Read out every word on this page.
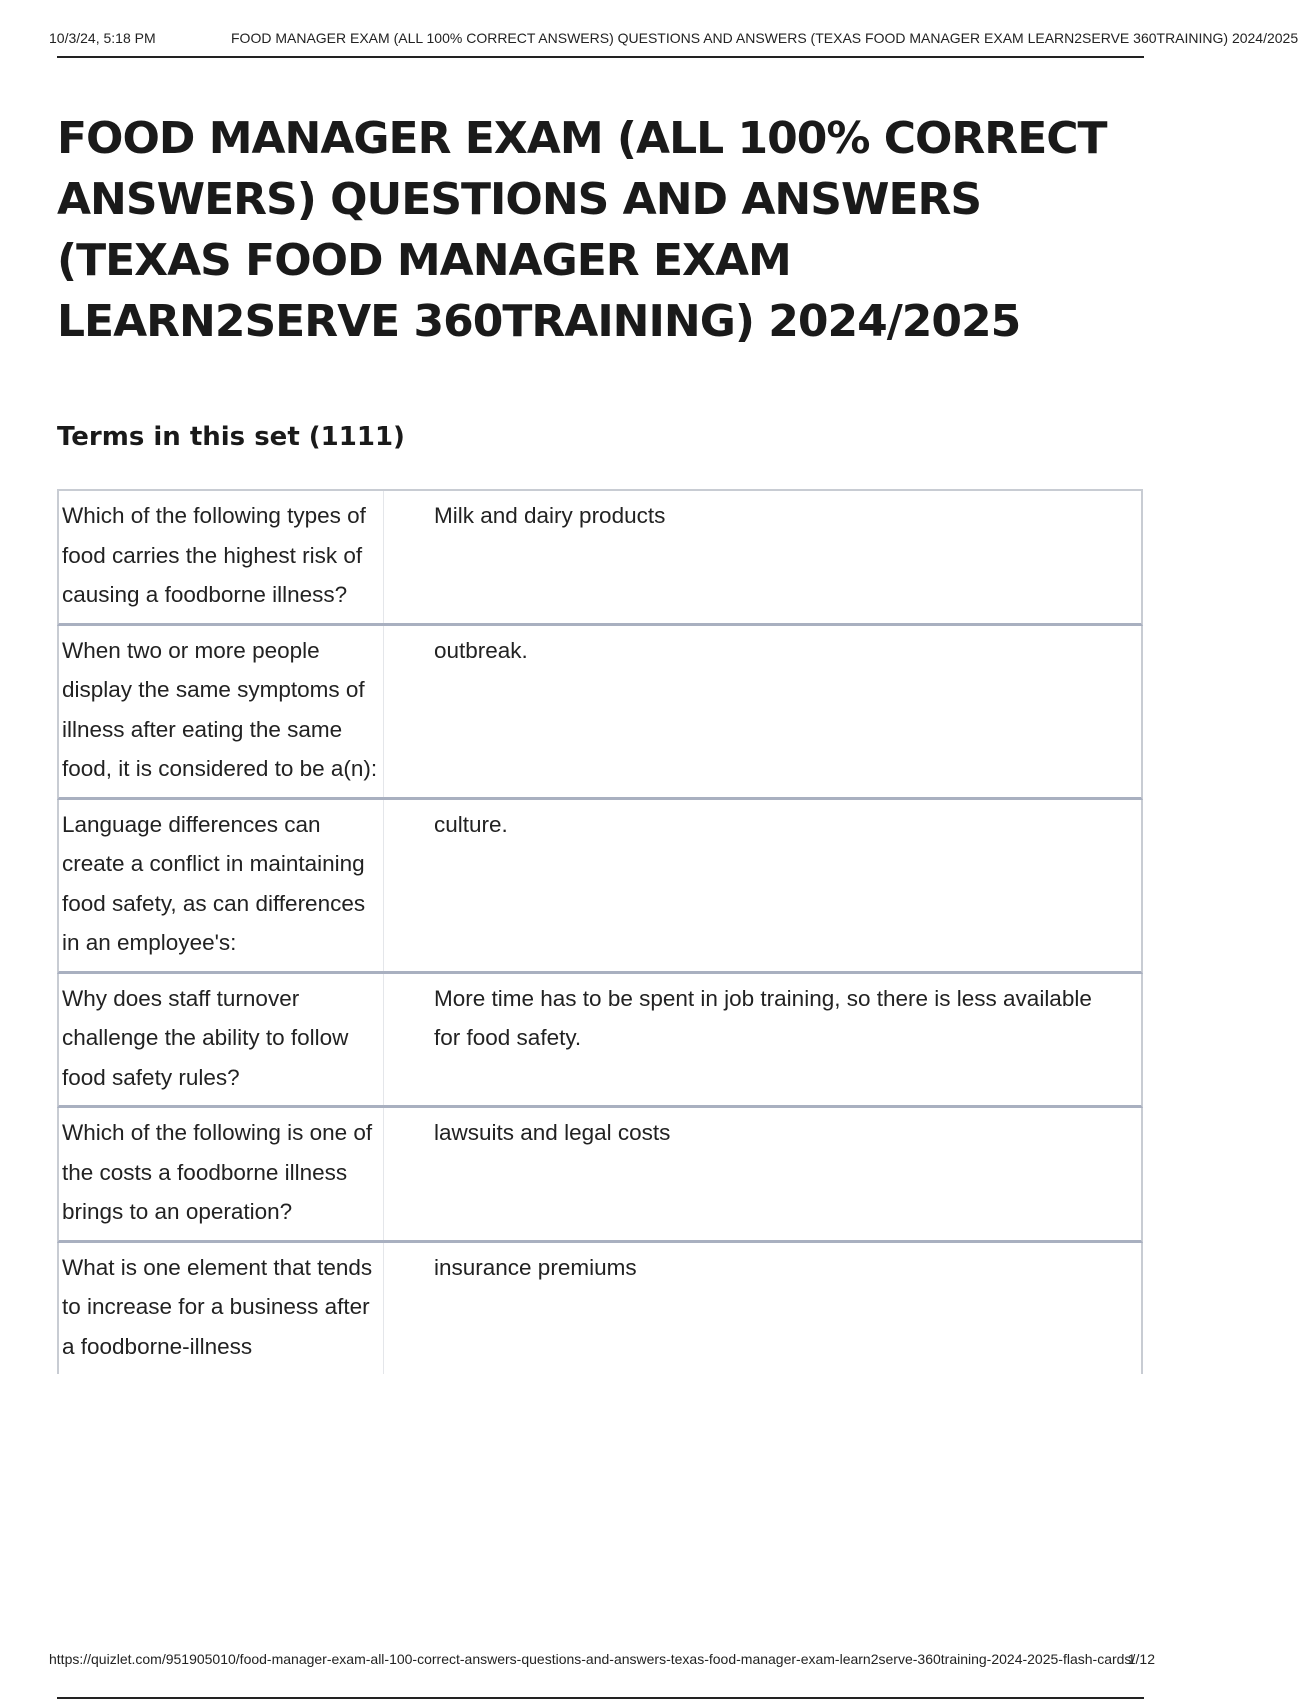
10/3/24, 5:18 PM	FOOD MANAGER EXAM (ALL 100% CORRECT ANSWERS) QUESTIONS AND ANSWERS (TEXAS FOOD MANAGER EXAM LEARN2SERVE 360TRAINING) 2024/2025
FOOD MANAGER EXAM (ALL 100% CORRECT ANSWERS) QUESTIONS AND ANSWERS (TEXAS FOOD MANAGER EXAM LEARN2SERVE 360TRAINING) 2024/2025
Terms in this set (1111)
Which of the following types of food carries the highest risk of causing a foodborne illness?
Milk and dairy products
When two or more people display the same symptoms of illness after eating the same food, it is considered to be a(n):
outbreak.
Language differences can create a conflict in maintaining food safety, as can differences in an employee's:
culture.
Why does staff turnover challenge the ability to follow food safety rules?
More time has to be spent in job training, so there is less available for food safety.
Which of the following is one of the costs a foodborne illness brings to an operation?
lawsuits and legal costs
What is one element that tends to increase for a business after a foodborne-illness
insurance premiums
https://quizlet.com/951905010/food-manager-exam-all-100-correct-answers-questions-and-answers-texas-food-manager-exam-learn2serve-360training-2024-2025-flash-cards/
1/12
